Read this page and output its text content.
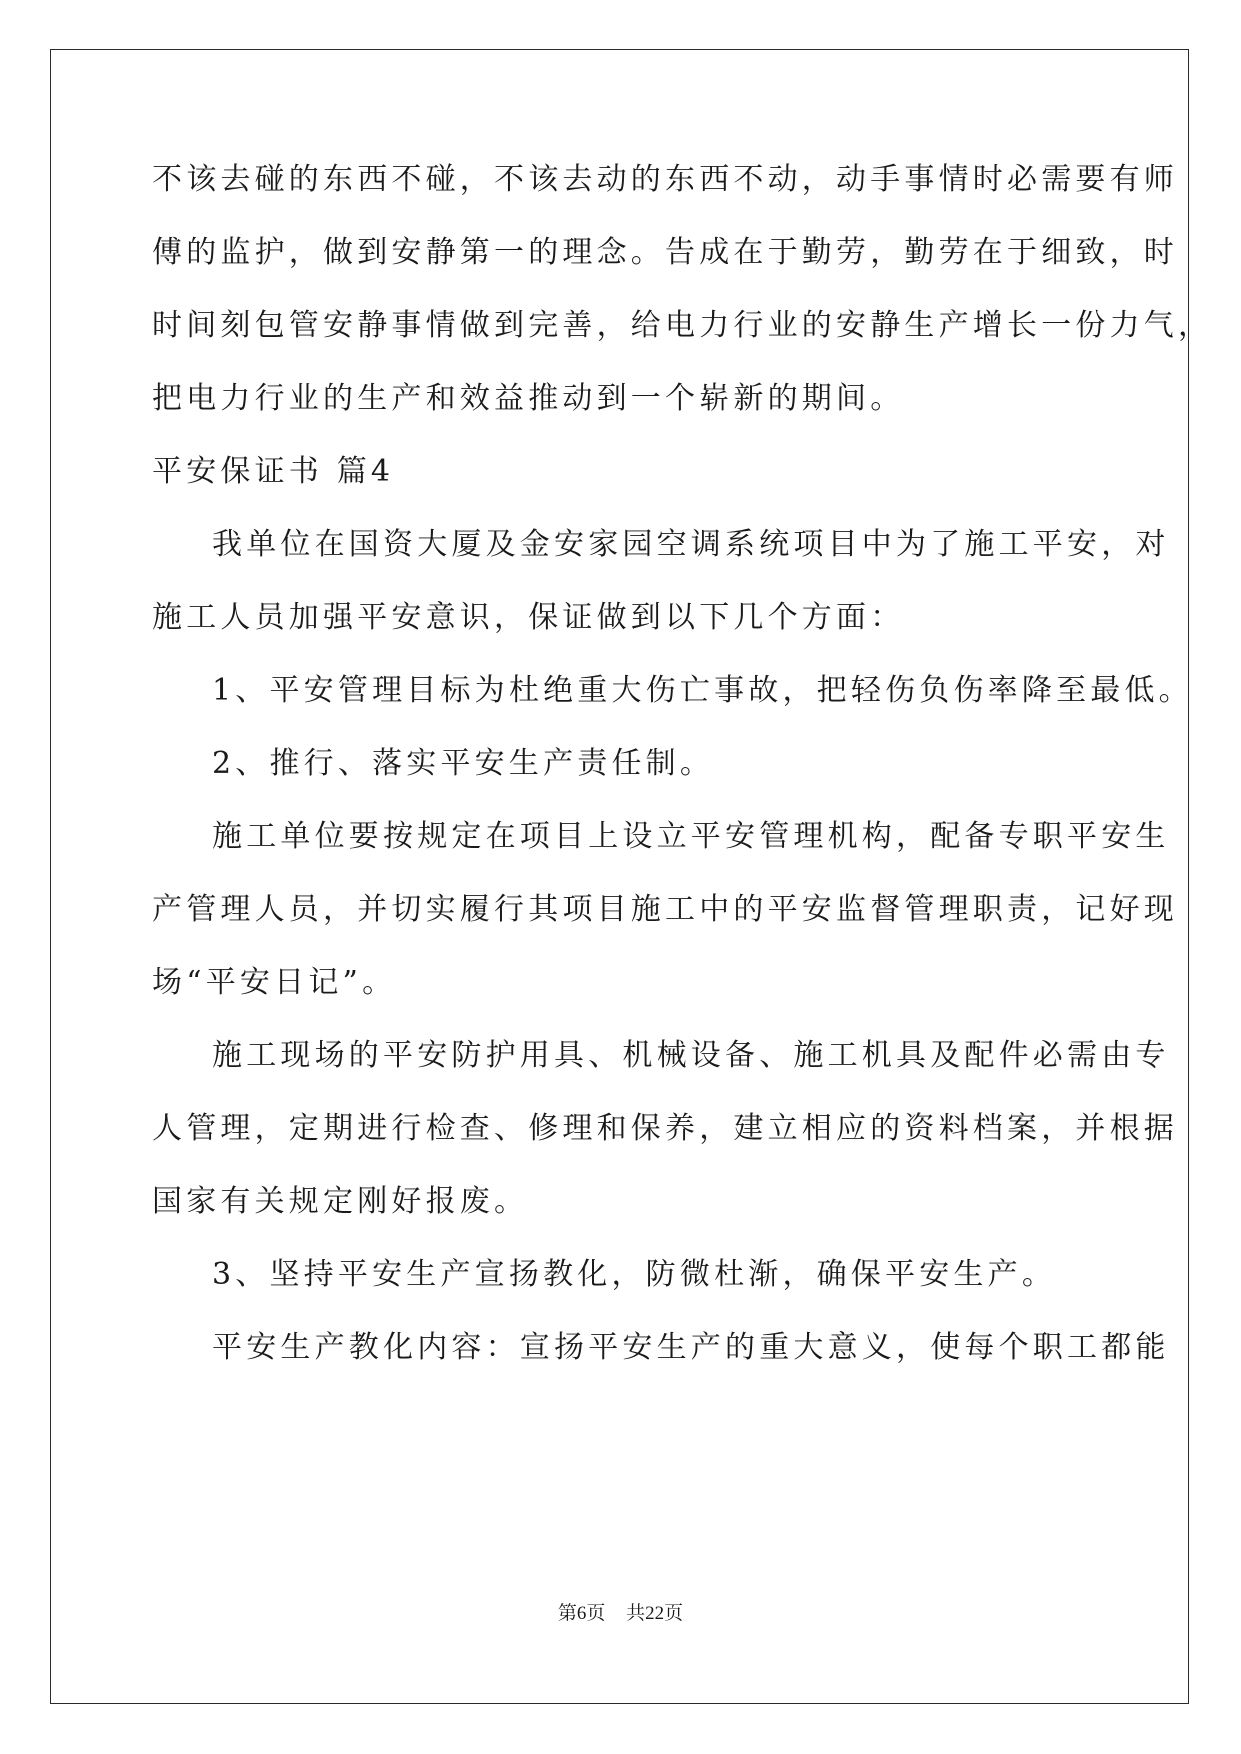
不该去碰的东西不碰，不该去动的东西不动，动手事情时必需要有师
傅的监护，做到安静第一的理念。告成在于勤劳，勤劳在于细致，时
时间刻包管安静事情做到完善，给电力行业的安静生产增长一份力气，
把电力行业的生产和效益推动到一个崭新的期间。
平安保证书 篇4
我单位在国资大厦及金安家园空调系统项目中为了施工平安，对
施工人员加强平安意识，保证做到以下几个方面：
1、平安管理目标为杜绝重大伤亡事故，把轻伤负伤率降至最低。
2、推行、落实平安生产责任制。
施工单位要按规定在项目上设立平安管理机构，配备专职平安生
产管理人员，并切实履行其项目施工中的平安监督管理职责，记好现
场“平安日记”。
施工现场的平安防护用具、机械设备、施工机具及配件必需由专
人管理，定期进行检查、修理和保养，建立相应的资料档案，并根据
国家有关规定刚好报废。
3、坚持平安生产宣扬教化，防微杜渐，确保平安生产。
平安生产教化内容：宣扬平安生产的重大意义，使每个职工都能
第6页 共22页
